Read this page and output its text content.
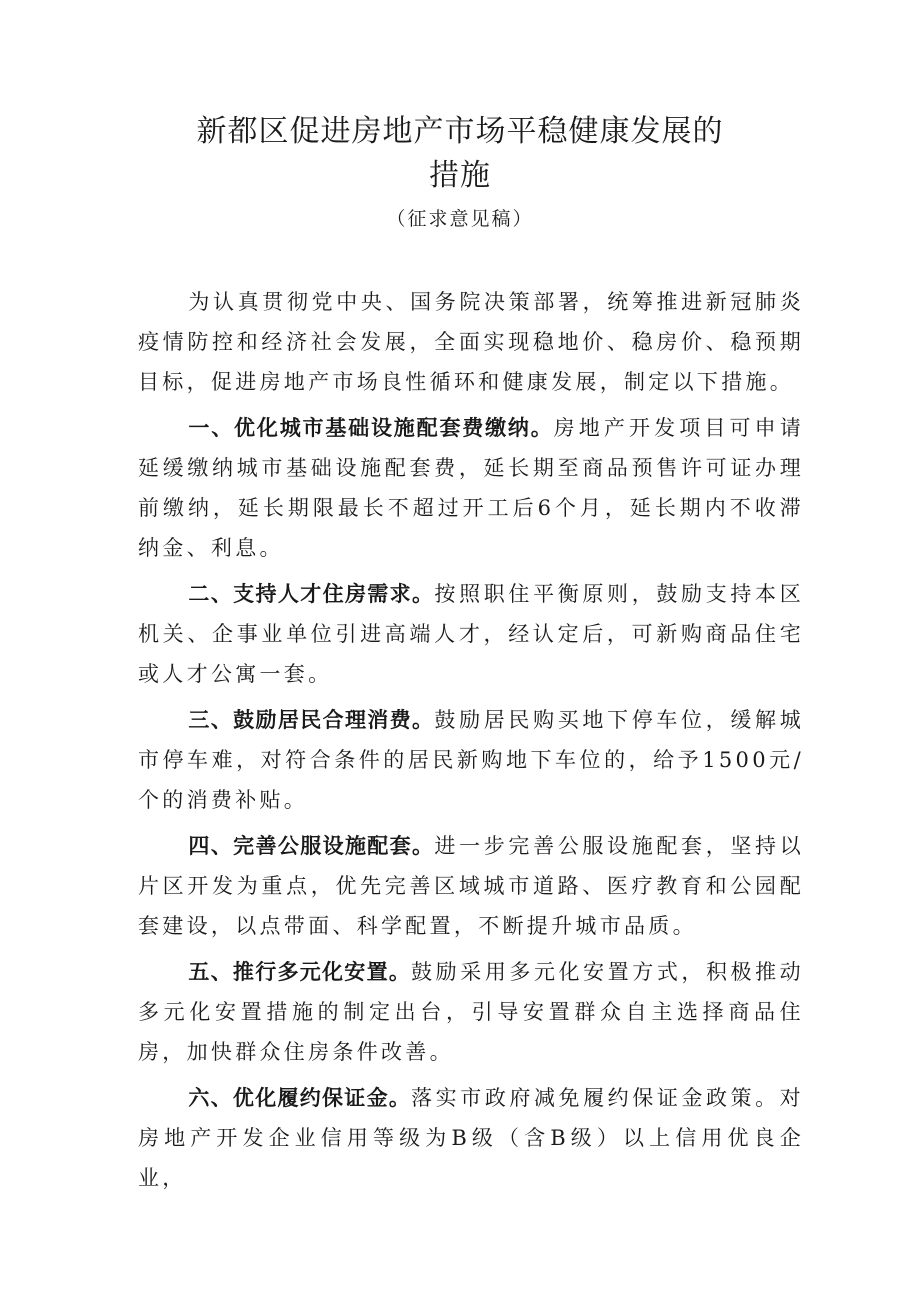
新都区促进房地产市场平稳健康发展的
措施
（征求意见稿）

为认真贯彻党中央、国务院决策部署，统筹推进新冠肺炎疫情防控和经济社会发展，全面实现稳地价、稳房价、稳预期目标，促进房地产市场良性循环和健康发展，制定以下措施。

一、优化城市基础设施配套费缴纳。房地产开发项目可申请延缓缴纳城市基础设施配套费，延长期至商品预售许可证办理前缴纳，延长期限最长不超过开工后6个月，延长期内不收滞纳金、利息。

二、支持人才住房需求。按照职住平衡原则，鼓励支持本区机关、企事业单位引进高端人才，经认定后，可新购商品住宅或人才公寓一套。

三、鼓励居民合理消费。鼓励居民购买地下停车位，缓解城市停车难，对符合条件的居民新购地下车位的，给予1500元/个的消费补贴。

四、完善公服设施配套。进一步完善公服设施配套，坚持以片区开发为重点，优先完善区域城市道路、医疗教育和公园配套建设，以点带面、科学配置，不断提升城市品质。

五、推行多元化安置。鼓励采用多元化安置方式，积极推动多元化安置措施的制定出台，引导安置群众自主选择商品住房，加快群众住房条件改善。

六、优化履约保证金。落实市政府减免履约保证金政策。对房地产开发企业信用等级为B级（含B级）以上信用优良企业，
